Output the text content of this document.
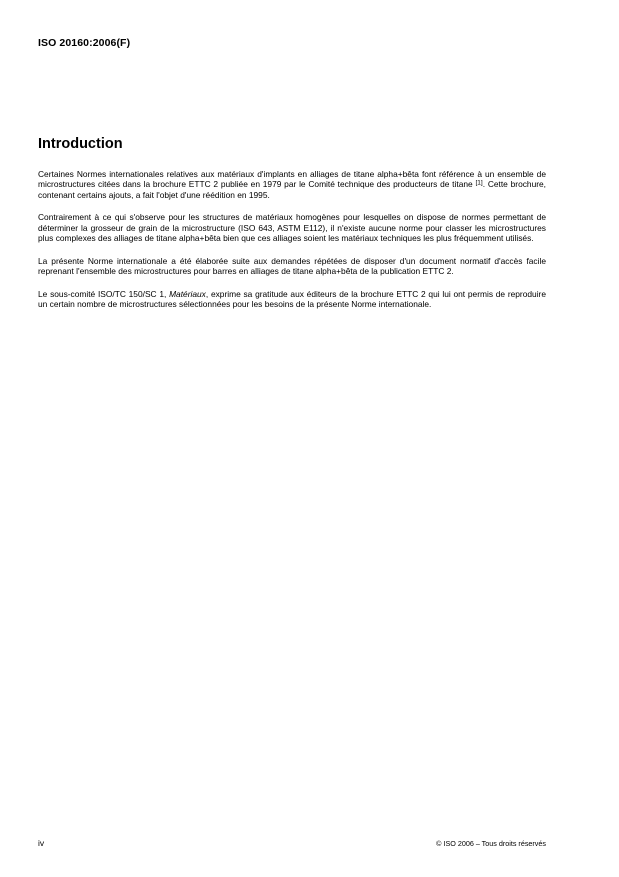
ISO 20160:2006(F)
Introduction

Certaines Normes internationales relatives aux matériaux d'implants en alliages de titane alpha+bêta font référence à un ensemble de microstructures citées dans la brochure ETTC 2 publiée en 1979 par le Comité technique des producteurs de titane [1]. Cette brochure, contenant certains ajouts, a fait l'objet d'une réédition en 1995.

Contrairement à ce qui s'observe pour les structures de matériaux homogènes pour lesquelles on dispose de normes permettant de déterminer la grosseur de grain de la microstructure (ISO 643, ASTM E112), il n'existe aucune norme pour classer les microstructures plus complexes des alliages de titane alpha+bêta bien que ces alliages soient les matériaux techniques les plus fréquemment utilisés.

La présente Norme internationale a été élaborée suite aux demandes répétées de disposer d'un document normatif d'accès facile reprenant l'ensemble des microstructures pour barres en alliages de titane alpha+bêta de la publication ETTC 2.

Le sous-comité ISO/TC 150/SC 1, Matériaux, exprime sa gratitude aux éditeurs de la brochure ETTC 2 qui lui ont permis de reproduire un certain nombre de microstructures sélectionnées pour les besoins de la présente Norme internationale.

iv	© ISO 2006 – Tous droits réservés
